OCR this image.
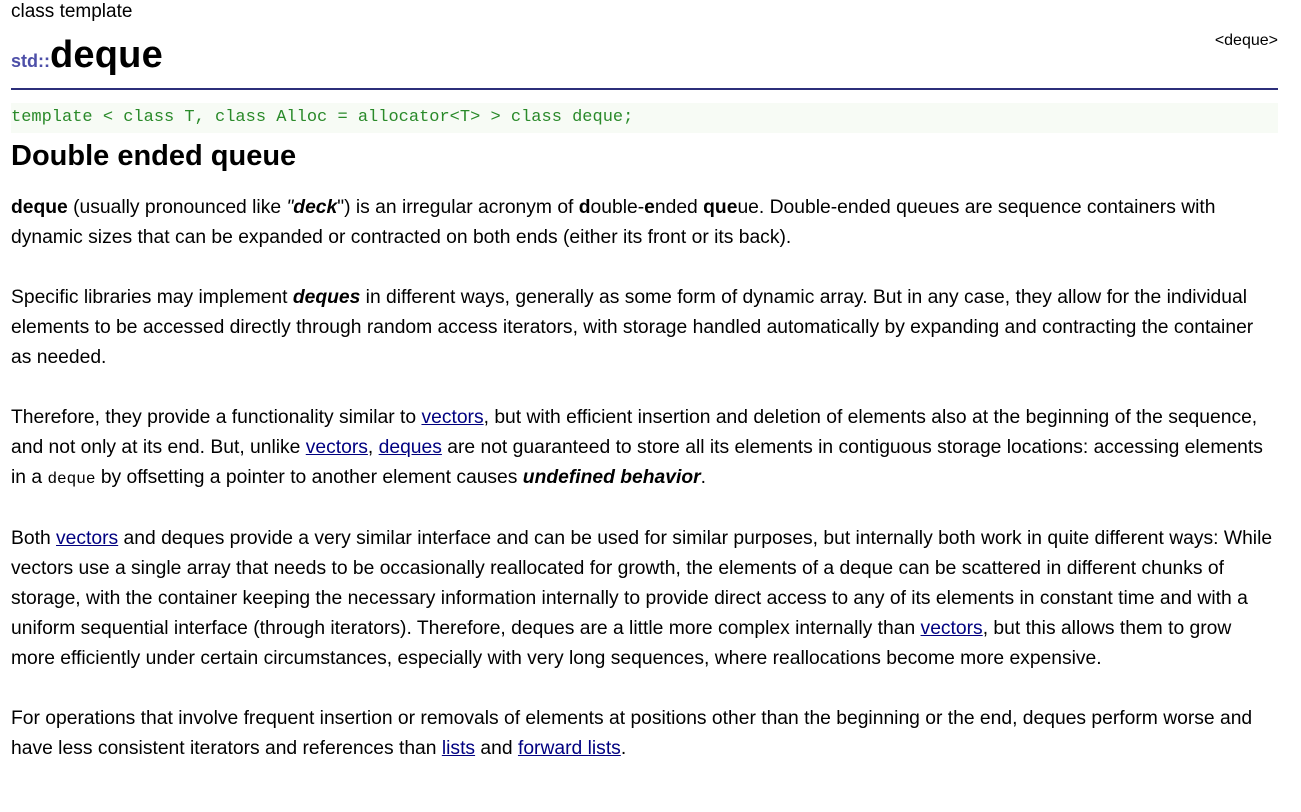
class template
std::deque	<deque>
template < class T, class Alloc = allocator<T> > class deque;
Double ended queue

deque (usually pronounced like "deck") is an irregular acronym of double-ended queue. Double-ended queues are sequence containers with dynamic sizes that can be expanded or contracted on both ends (either its front or its back).

Specific libraries may implement deques in different ways, generally as some form of dynamic array. But in any case, they allow for the individual elements to be accessed directly through random access iterators, with storage handled automatically by expanding and contracting the container as needed.

Therefore, they provide a functionality similar to vectors, but with efficient insertion and deletion of elements also at the beginning of the sequence, and not only at its end. But, unlike vectors, deques are not guaranteed to store all its elements in contiguous storage locations: accessing elements in a deque by offsetting a pointer to another element causes undefined behavior.

Both vectors and deques provide a very similar interface and can be used for similar purposes, but internally both work in quite different ways: While vectors use a single array that needs to be occasionally reallocated for growth, the elements of a deque can be scattered in different chunks of storage, with the container keeping the necessary information internally to provide direct access to any of its elements in constant time and with a uniform sequential interface (through iterators). Therefore, deques are a little more complex internally than vectors, but this allows them to grow more efficiently under certain circumstances, especially with very long sequences, where reallocations become more expensive.

For operations that involve frequent insertion or removals of elements at positions other than the beginning or the end, deques perform worse and have less consistent iterators and references than lists and forward lists.
